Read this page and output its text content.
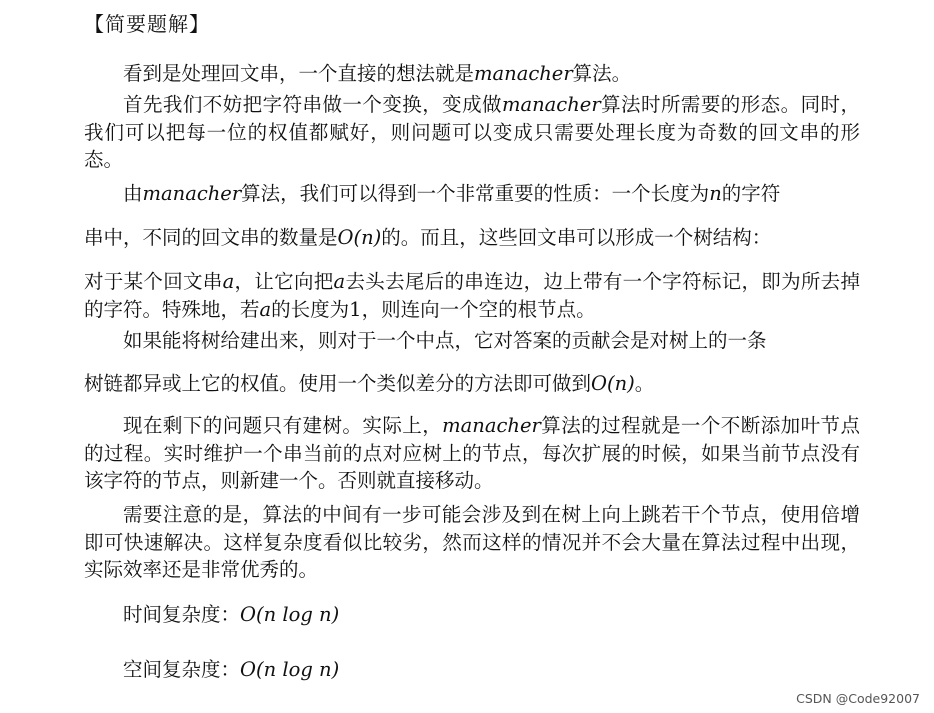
【简要题解】

看到是处理回文串，一个直接的想法就是manacher算法。

首先我们不妨把字符串做一个变换，变成做manacher算法时所需要的形态。同时，我们可以把每一位的权值都赋好，则问题可以变成只需要处理长度为奇数的回文串的形态。

由manacher算法，我们可以得到一个非常重要的性质：一个长度为n的字符

串中，不同的回文串的数量是O(n)的。而且，这些回文串可以形成一个树结构：

对于某个回文串a，让它向把a去头去尾后的串连边，边上带有一个字符标记，即为所去掉的字符。特殊地，若a的长度为1，则连向一个空的根节点。

如果能将树给建出来，则对于一个中点，它对答案的贡献会是对树上的一条

树链都异或上它的权值。使用一个类似差分的方法即可做到O(n)。

现在剩下的问题只有建树。实际上，manacher算法的过程就是一个不断添加叶节点的过程。实时维护一个串当前的点对应树上的节点，每次扩展的时候，如果当前节点没有该字符的节点，则新建一个。否则就直接移动。

需要注意的是，算法的中间有一步可能会涉及到在树上向上跳若干个节点，使用倍增即可快速解决。这样复杂度看似比较劣，然而这样的情况并不会大量在算法过程中出现，实际效率还是非常优秀的。

时间复杂度：O(n log n)
空间复杂度：O(n log n)
CSDN @Code92007
